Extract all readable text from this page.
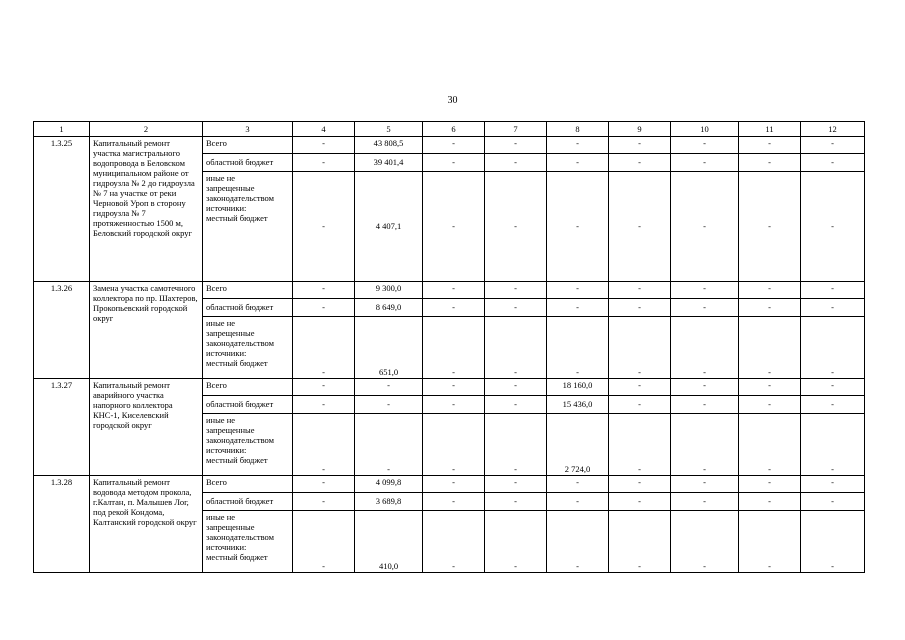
30
1	2	3	4	5	6	7	8	9	10	11	12
1.3.25	Капитальный ремонт участка магистрального водопровода в Беловском муниципальном районе от гидроузла № 2 до гидроузла № 7 на участке от реки Черновой Уроп в сторону гидроузла № 7 протяженностью 1500 м, Беловский городской округ	Всего	-	43 808,5	-	-	-	-	-	-	-
		областной бюджет	-	39 401,4	-	-	-	-	-	-	-

		иные не
запрещенные
законодательством
источники:
местный бюджет	-	4 407,1	-	-	-	-	-	-	-
1.3.26	Замена участка самотечного коллектора по пр. Шахтеров, Прокопьевский городской округ	Всего	-	9 300,0	-	-	-	-	-	-	-
		областной бюджет	-	8 649,0	-	-	-	-	-	-	-

		иные не
запрещенные
законодательством
источники:
местный бюджет	-	651,0	-	-	-	-	-	-	-
1.3.27	Капитальный ремонт аварийного участка напорного коллектора КНС-1, Киселевский городской округ	Всего	-	-	-	-	18 160,0	-	-	-	-
		областной бюджет	-	-	-	-	15 436,0	-	-	-	-

		иные не
запрещенные
законодательством
источники:
местный бюджет	-	-	-	-	2 724,0	-	-	-	-
1.3.28	Капитальный ремонт водовода методом прокола, г.Калтан, п. Малышев Лог, под рекой Кондома, Калтанский городской округ	Всего	-	4 099,8	-	-	-	-	-	-	-
		областной бюджет	-	3 689,8	-	-	-	-	-	-	-

		иные не
запрещенные
законодательством
источники:
местный бюджет	-	410,0	-	-	-	-	-	-	-
